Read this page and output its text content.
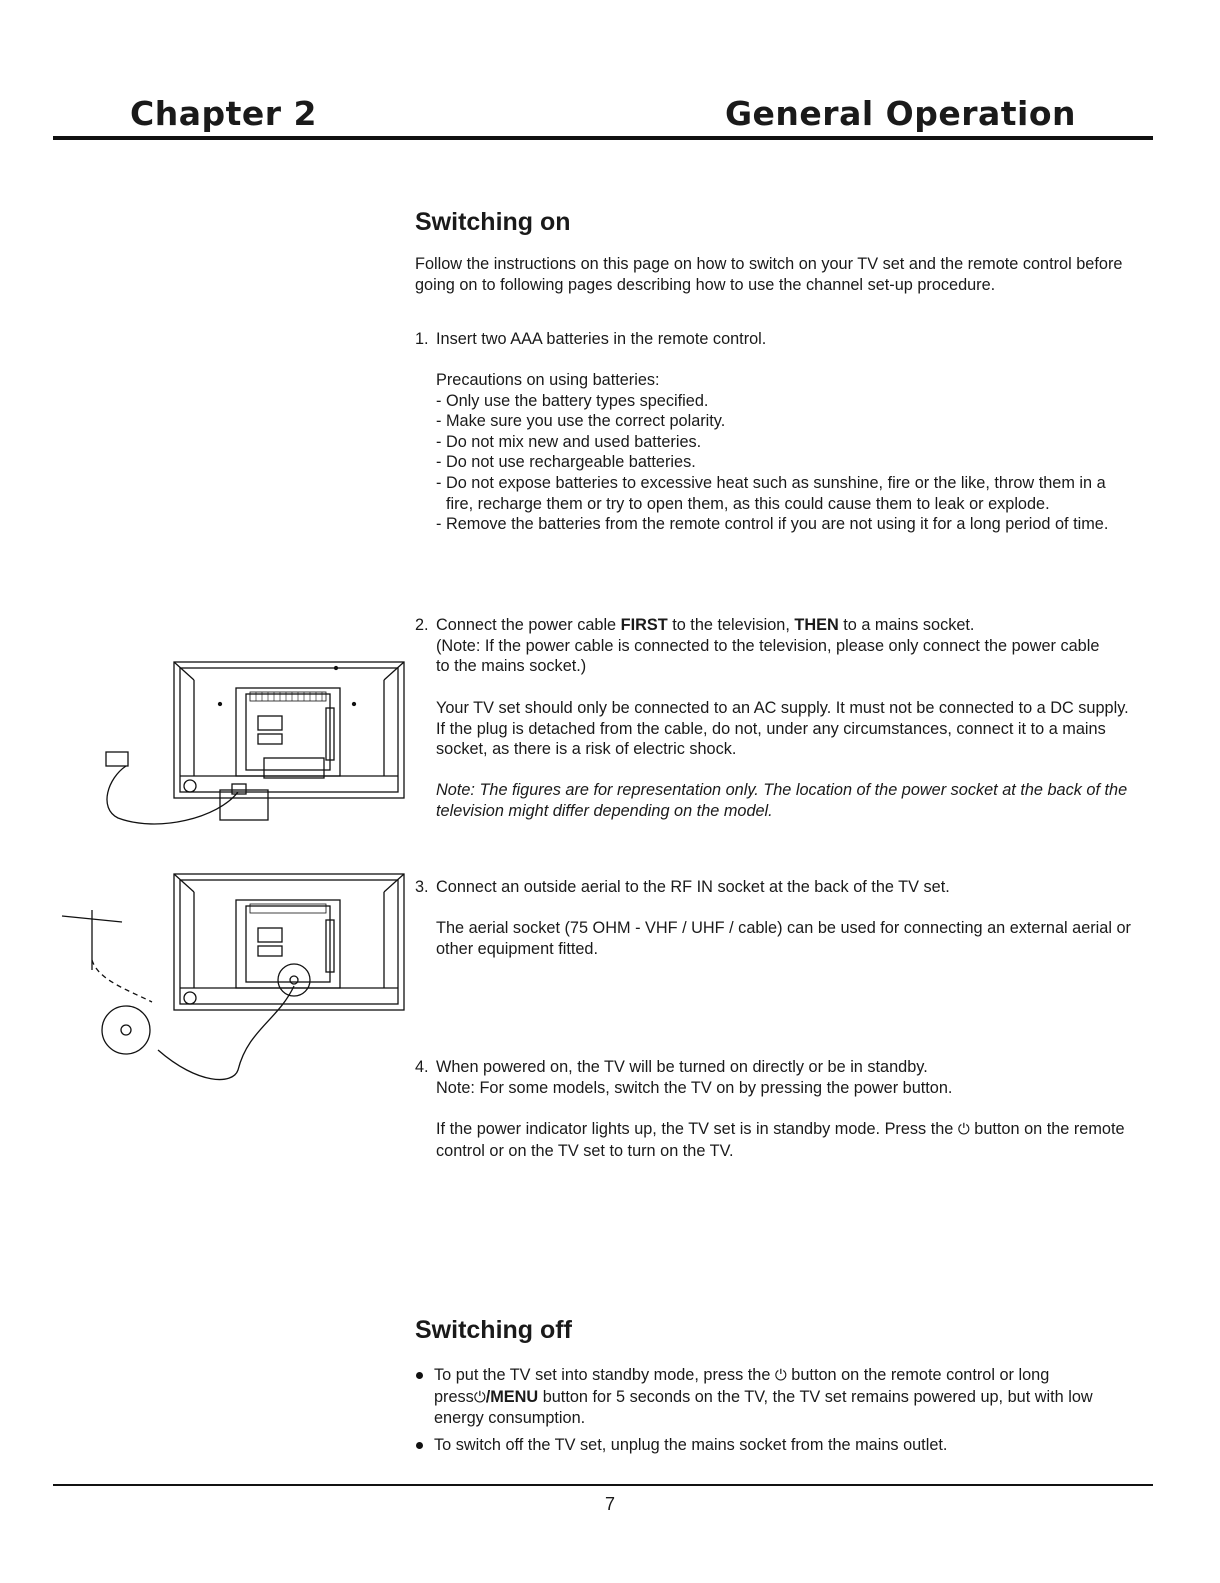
Chapter 2	General Operation
Switching on
Follow the instructions on this page on how to switch on your TV set and the remote control before going on to following pages describing how to use the channel set-up procedure.
1. Insert two AAA batteries in the remote control.
Precautions on using batteries:
- Only use the battery types specified.
- Make sure you use the correct polarity.
- Do not mix new and used batteries.
- Do not use rechargeable batteries.
- Do not expose batteries to excessive heat such as sunshine, fire or the like, throw them in a fire, recharge them or try to open them, as this could cause them to leak or explode.
- Remove the batteries from the remote control if you are not using it for a long period of time.
2. Connect the power cable FIRST to the television, THEN to a mains socket.
(Note: If the power cable is connected to the television, please only connect the power cable to the mains socket.)
Your TV set should only be connected to an AC supply. It must not be connected to a DC supply. If the plug is detached from the cable, do not, under any circumstances, connect it to a mains socket, as there is a risk of electric shock.
Note: The figures are for representation only. The location of the power socket at the back of the television might differ depending on the model.
3. Connect an outside aerial to the RF IN socket at the back of the TV set.
The aerial socket (75 OHM - VHF / UHF / cable) can be used for connecting an external aerial or other equipment fitted.
4. When powered on, the TV will be turned on directly or be in standby.
Note: For some models, switch the TV on by pressing the power button.
If the power indicator lights up, the TV set is in standby mode. Press the ⏻ button on the remote control or on the TV set to turn on the TV.
Switching off
To put the TV set into standby mode, press the ⏻ button on the remote control or long press⏻/MENU button for 5 seconds on the TV, the TV set remains powered up, but with low energy consumption.
To switch off the TV set, unplug the mains socket from the mains outlet.
7
